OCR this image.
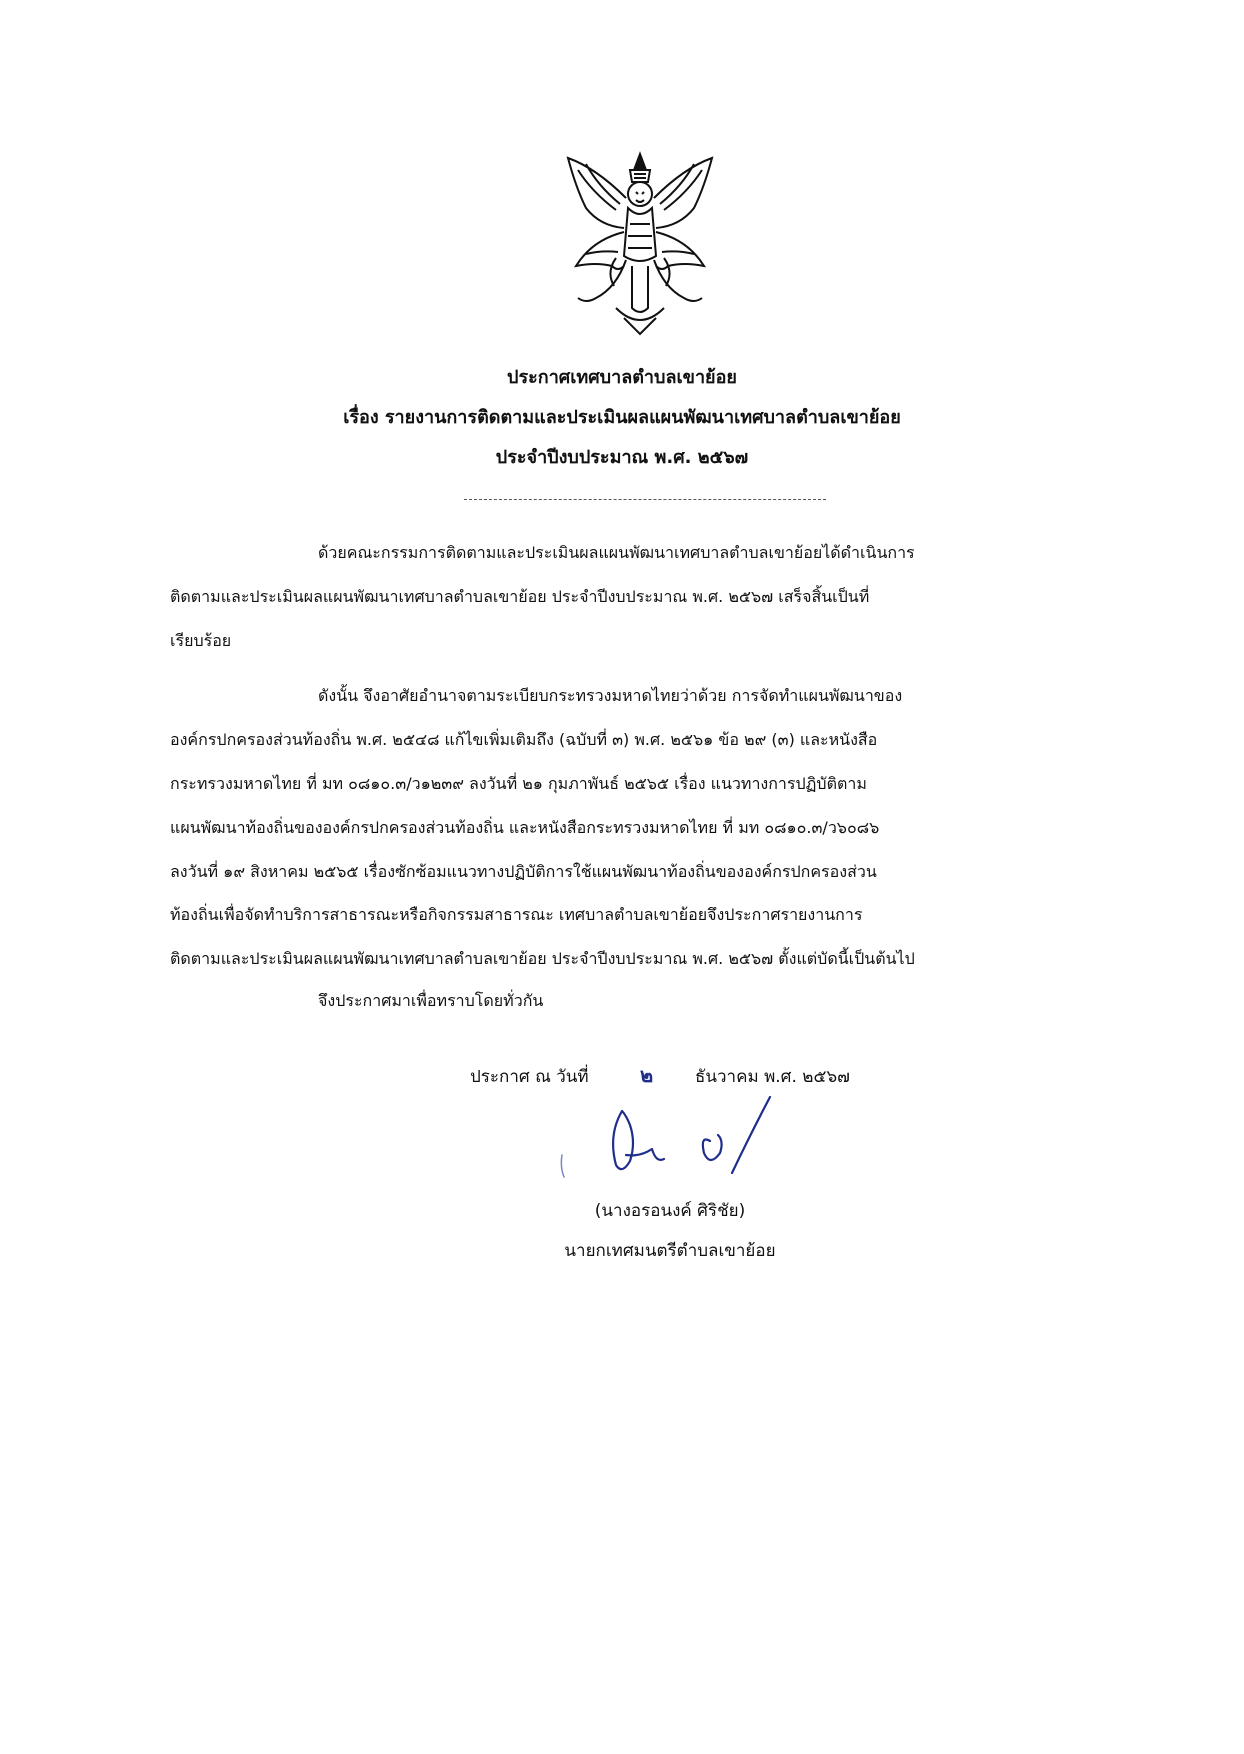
ประกาศเทศบาลตำบลเขาย้อย
เรื่อง รายงานการติดตามและประเมินผลแผนพัฒนาเทศบาลตำบลเขาย้อย
ประจำปีงบประมาณ พ.ศ. ๒๕๖๗
ด้วยคณะกรรมการติดตามและประเมินผลแผนพัฒนาเทศบาลตำบลเขาย้อยได้ดำเนินการ
ติดตามและประเมินผลแผนพัฒนาเทศบาลตำบลเขาย้อย ประจำปีงบประมาณ พ.ศ. ๒๕๖๗ เสร็จสิ้นเป็นที่
เรียบร้อย
ดังนั้น จึงอาศัยอำนาจตามระเบียบกระทรวงมหาดไทยว่าด้วย การจัดทำแผนพัฒนาของ
องค์กรปกครองส่วนท้องถิ่น พ.ศ. ๒๕๔๘ แก้ไขเพิ่มเติมถึง (ฉบับที่ ๓) พ.ศ. ๒๕๖๑ ข้อ ๒๙ (๓) และหนังสือ
กระทรวงมหาดไทย ที่ มท ๐๘๑๐.๓/ว๑๒๓๙ ลงวันที่ ๒๑ กุมภาพันธ์ ๒๕๖๕ เรื่อง แนวทางการปฏิบัติตาม
แผนพัฒนาท้องถิ่นขององค์กรปกครองส่วนท้องถิ่น และหนังสือกระทรวงมหาดไทย ที่ มท ๐๘๑๐.๓/ว๖๐๘๖
ลงวันที่ ๑๙ สิงหาคม ๒๕๖๕ เรื่องซักซ้อมแนวทางปฏิบัติการใช้แผนพัฒนาท้องถิ่นขององค์กรปกครองส่วน
ท้องถิ่นเพื่อจัดทำบริการสาธารณะหรือกิจกรรมสาธารณะ เทศบาลตำบลเขาย้อยจึงประกาศรายงานการ
ติดตามและประเมินผลแผนพัฒนาเทศบาลตำบลเขาย้อย ประจำปีงบประมาณ พ.ศ. ๒๕๖๗ ตั้งแต่บัดนี้เป็นต้นไป
จึงประกาศมาเพื่อทราบโดยทั่วกัน
ประกาศ ณ วันที่	๒ ธันวาคม พ.ศ. ๒๕๖๗
(นางอรอนงค์ ศิริชัย)
นายกเทศมนตรีตำบลเขาย้อย
